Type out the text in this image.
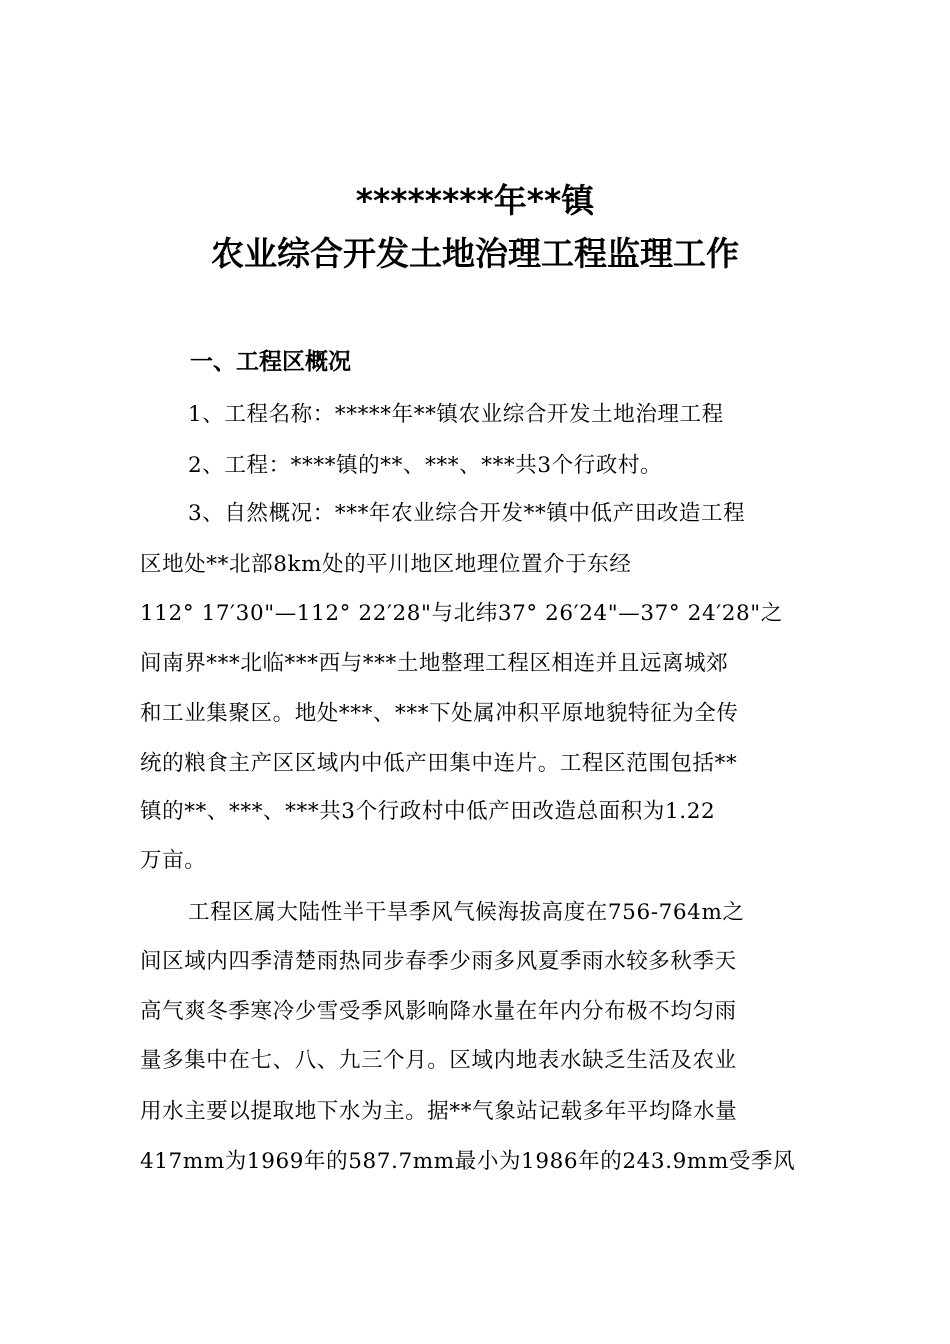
********年**镇
农业综合开发土地治理工程监理工作
一、工程区概况
1、工程名称：*****年**镇农业综合开发土地治理工程
2、工程：****镇的**、***、***共3个行政村。
3、自然概况：***年农业综合开发**镇中低产田改造工程
区地处**北部8km处的平川地区地理位置介于东经
112° 17′30"—112° 22′28"与北纬37° 26′24"—37° 24′28"之
间南界***北临***西与***土地整理工程区相连并且远离城郊
和工业集聚区。地处***、***下处属冲积平原地貌特征为全传
统的粮食主产区区域内中低产田集中连片。工程区范围包括**
镇的**、***、***共3个行政村中低产田改造总面积为1.22
万亩。
工程区属大陆性半干旱季风气候海拔高度在756-764m之
间区域内四季清楚雨热同步春季少雨多风夏季雨水较多秋季天
高气爽冬季寒冷少雪受季风影响降水量在年内分布极不均匀雨
量多集中在七、八、九三个月。区域内地表水缺乏生活及农业
用水主要以提取地下水为主。据**气象站记载多年平均降水量
417mm为1969年的587.7mm最小为1986年的243.9mm受季风
